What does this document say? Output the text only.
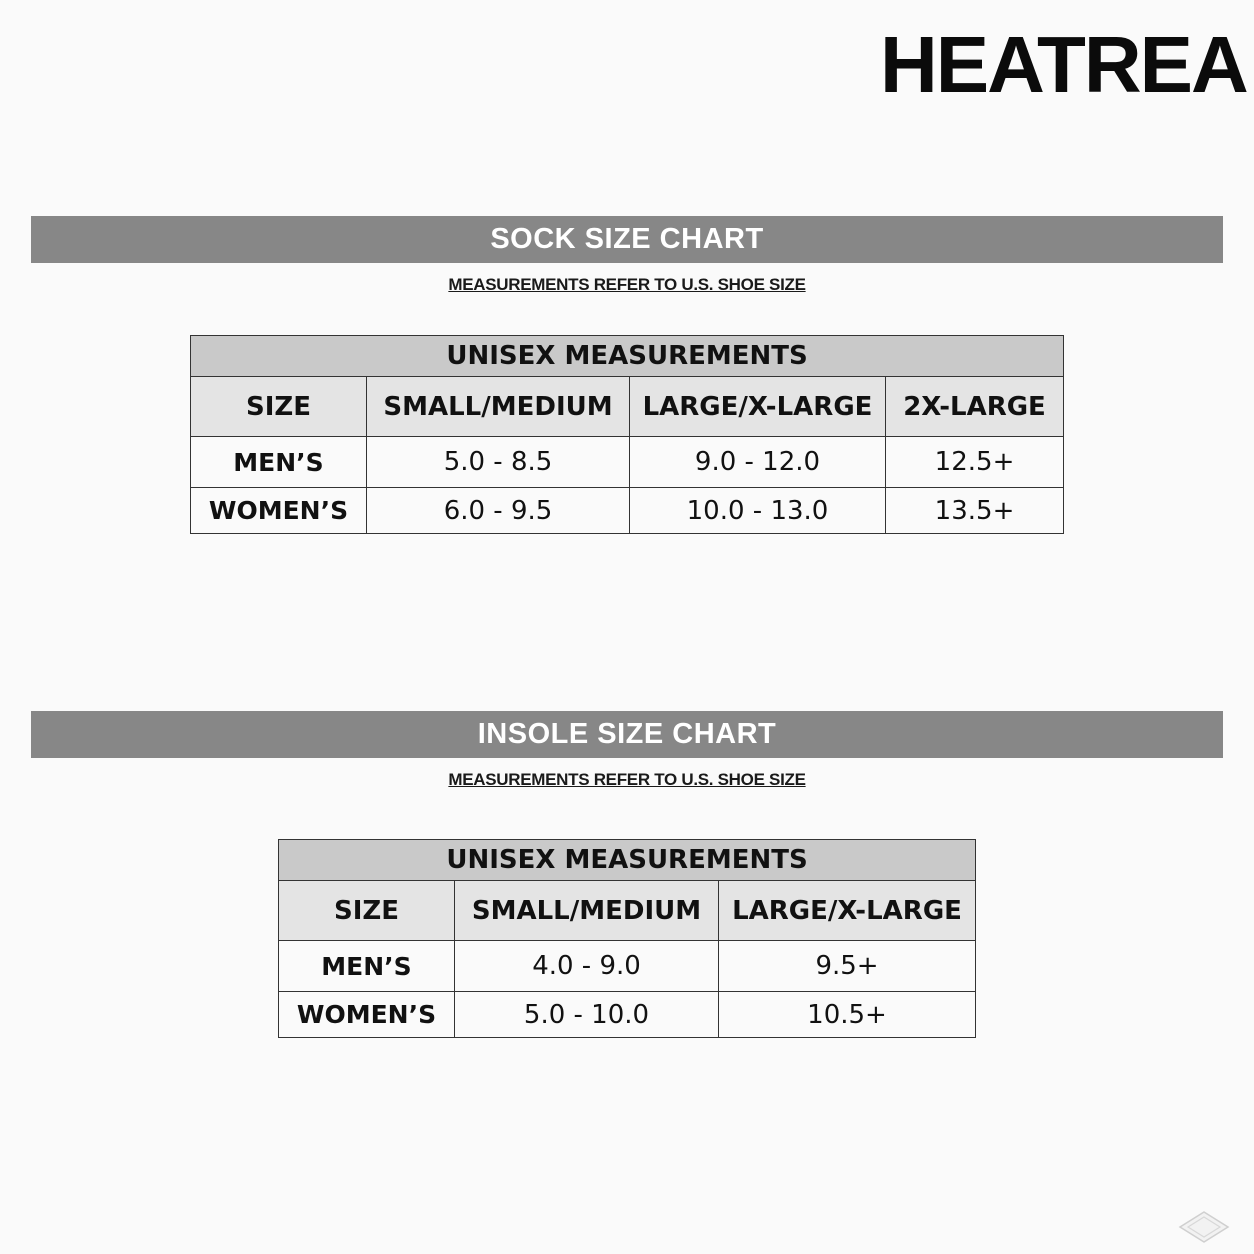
HEATREA
SOCK SIZE CHART
MEASUREMENTS REFER TO U.S. SHOE SIZE
UNISEX MEASUREMENTS			
SIZE	SMALL/MEDIUM	LARGE/X-LARGE	2X-LARGE
MEN’S	5.0 - 8.5	9.0 - 12.0	12.5+
WOMEN’S	6.0 - 9.5	10.0 - 13.0	13.5+
INSOLE SIZE CHART
MEASUREMENTS REFER TO U.S. SHOE SIZE
UNISEX MEASUREMENTS		
SIZE	SMALL/MEDIUM	LARGE/X-LARGE
MEN’S	4.0 - 9.0	9.5+
WOMEN’S	5.0 - 10.0	10.5+
